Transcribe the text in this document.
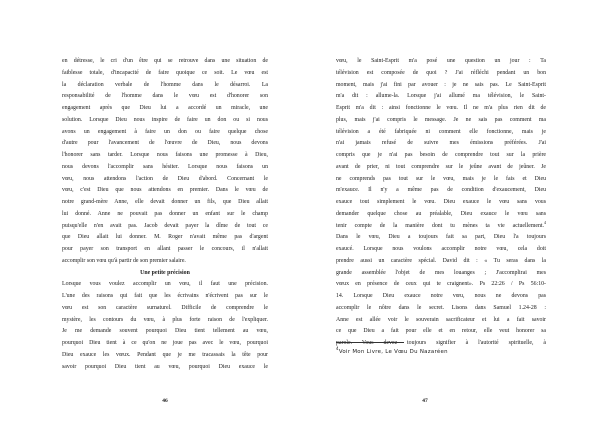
en détresse, le cri d'un être qui se retrouve dans une situation de
faiblesse totale, d'incapacité de faire quoique ce soit. Le vœu est
la déclaration verbale de l'homme dans le désarroi. La
responsabilité de l'homme dans le vœu est d'honorer son
engagement après que Dieu lui a accordé un miracle, une
solution. Lorsque Dieu nous inspire de faire un don ou si nous
avons un engagement à faire un don ou faire quelque chose
d'autre pour l'avancement de l'œuvre de Dieu, nous devons
l'honorer sans tarder. Lorsque nous faisons une promesse à Dieu,
nous devons l'accomplir sans hésiter. Lorsque nous faisons un
vœu, nous attendons l'action de Dieu d'abord. Concernant le
vœu, c'est Dieu que nous attendons en premier. Dans le vœu de
notre grand-mère Anne, elle devait donner un fils, que Dieu allait
lui donné. Anne ne pouvait pas donner un enfant sur le champ
puisqu'elle n'en avait pas. Jacob devait payer la dîme de tout ce
que Dieu allait lui donner. M. Roger n'avait même pas d'argent
pour payer son transport en allant passer le concours, il n'allait
accomplir son vœu qu'à partir de son premier salaire.
Une petite précision
Lorsque vous voulez accomplir un vœu, il faut une précision.
L'une des raisons qui fait que les écrivains n'écrivent pas sur le
vœu est son caractère surnaturel. Difficile de comprendre le
mystère, les contours du vœu, à plus forte raison de l'expliquer.
Je me demande souvent pourquoi Dieu tient tellement au vœu,
pourquoi Dieu tient à ce qu'on ne joue pas avec le vœu, pourquoi
Dieu exauce les vœux. Pendant que je me tracassais la tête pour
savoir pourquoi Dieu tient au vœu, pourquoi Dieu exauce le
46
vœu, le Saint-Esprit m'a posé une question un jour : Ta
télévision est composée de quoi ? J'ai réfléchi pendant un bon
moment, mais j'ai fini par avouer : je ne sais pas. Le Saint-Esprit
m'a dit : allume-la. Lorsque j'ai allumé ma télévision, le Saint-
Esprit m'a dit : ainsi fonctionne le vœu. Il ne m'a plus rien dit de
plus, mais j'ai compris le message. Je ne sais pas comment ma
télévision a été fabriquée ni comment elle fonctionne, mais je
n'ai jamais refusé de suivre mes émissions préférées. J'ai
compris que je n'ai pas besoin de comprendre tout sur la prière
avant de prier, ni tout comprendre sur le jeûne avant de jeûner. Je
ne comprends pas tout sur le vœu, mais je le fais et Dieu
m'exauce. Il n'y a même pas de condition d'exaucement, Dieu
exauce tout simplement le vœu. Dieu exauce le vœu sans vous
demander quelque chose au préalable, Dieu exauce le vœu sans
tenir compte de la manière dont tu mènes ta vie actuellement.$^4$
Dans le vœu, Dieu a toujours fait sa part, Dieu l'a toujours
exaucé. Lorsque nous voulons accomplir notre vœu, cela doit
prendre aussi un caractère spécial. David dit : « Tu seras dans la
grande assemblée l'objet de mes louanges ; J'accomplirai mes
vœux en présence de ceux qui te craignent». Ps 22:26 / Ps 56:10-
14. Lorsque Dieu exauce notre vœu, nous ne devons pas
accomplir le nôtre dans le secret. Lisons dans Samuel 1.24-28 :
Anne est allée voir le souverain sacrificateur et lui a fait savoir
ce que Dieu a fait pour elle et en retour, elle veut honorer sa
parole. Vous devez toujours signifier à l'autorité spirituelle, à
$^4$Voir Mon Livre, Le Vœu Du Nazaréen
47
